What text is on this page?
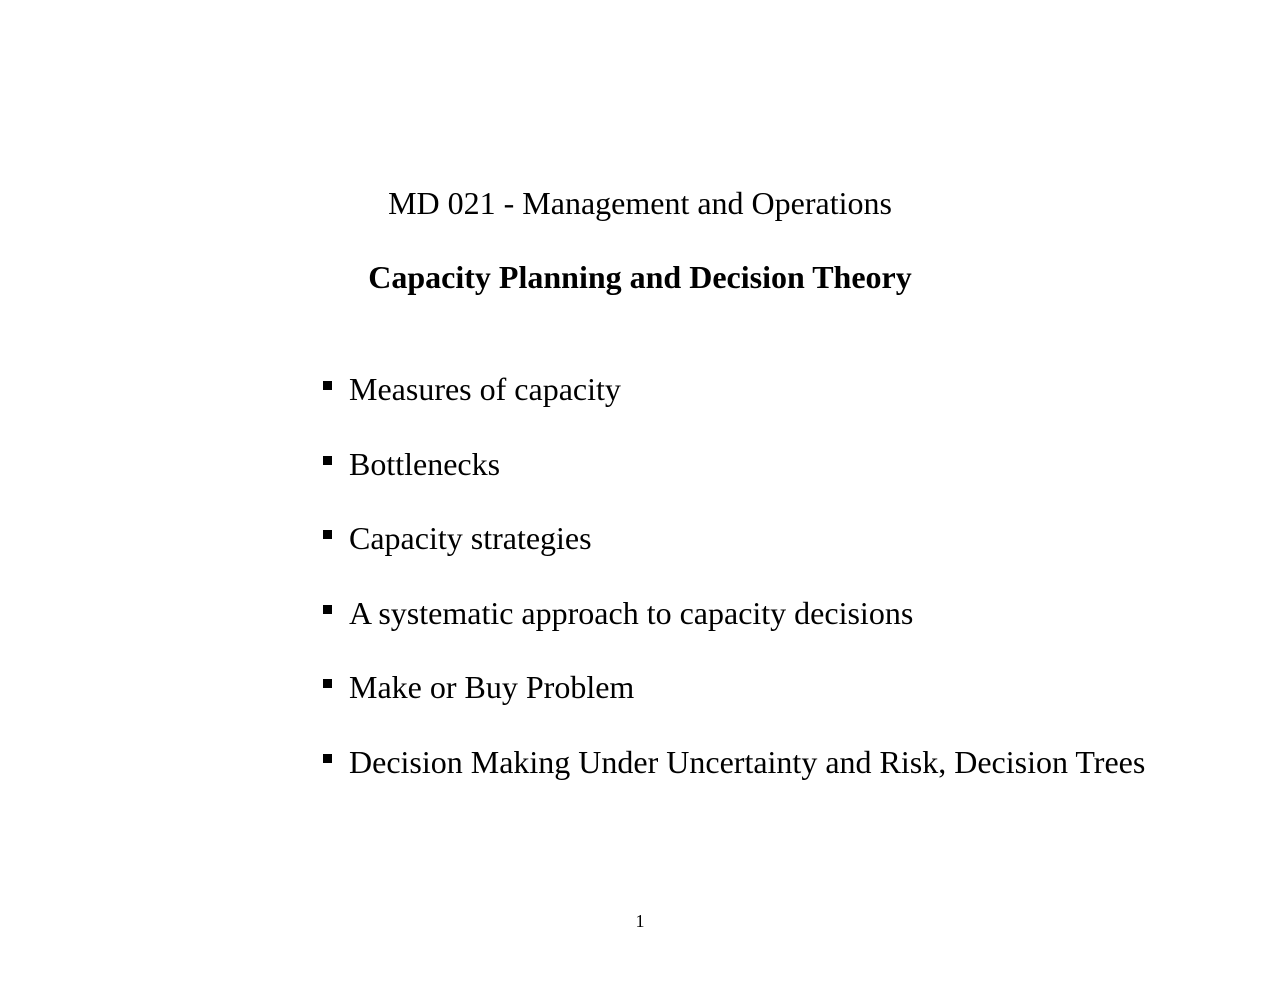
MD 021 - Management and Operations
Capacity Planning and Decision Theory
Measures of capacity
Bottlenecks
Capacity strategies
A systematic approach to capacity decisions
Make or Buy Problem
Decision Making Under Uncertainty and Risk, Decision Trees
1
